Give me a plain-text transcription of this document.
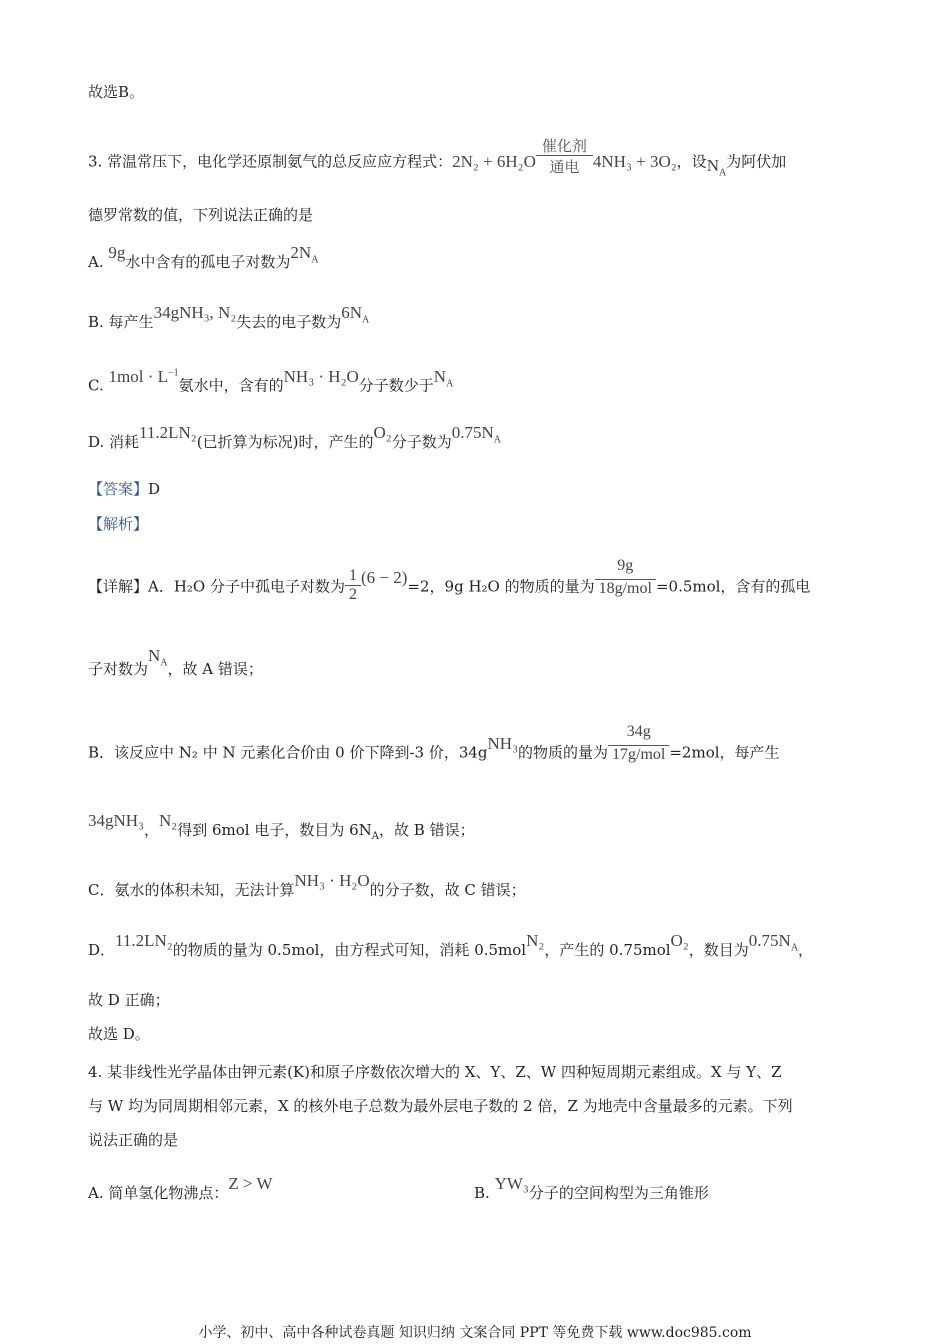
故选B。
3. 常温常压下，电化学还原制氨气的总反应应方程式：2N₂ + 6H₂O
催化剂
通电 4NH₃ + 3O₂，设$N_A$为阿伏加
德罗常数的值，下列说法正确的是
A. 9g水中含有的孤电子对数为$2N_A$
B. 每产生34gNH₃, N₂失去的电子数为$6N_A$
C. $1mol \cdot L^{-1}$氨水中，含有的NH₃ · H₂O分子数少于$N_A$
D. 消耗11.2LN₂(已折算为标况)时，产生的O₂分子数为$0.75N_A$
【答案】D
【解析】
【详解】A．H₂O 分子中孤电子对数为 $\frac{1}{2} (6 - 2)=2$，9g H₂O 的物质的量为 $\frac{9g}{\text{18g/mol}} =0.5mol$，含有的孤电
子对数为$N_A$，故 A 错误；
B．该反应中 N₂ 中 N 元素化合价由 0 价下降到-3 价，34gNH₃的物质的量为 $\frac{34g}{\text{17g/mol}} =2mol$，每产生
34gNH₃，N₂得到 6mol 电子，数目为 $6N_A$，故 B 错误；
C．氨水的体积未知，无法计算NH₃ · H₂O的分子数，故 C 错误；
D．11.2LN₂的物质的量为 0.5mol，由方程式可知，消耗 0.5molN₂，产生的 0.75molO₂，数目为$0.75N_A$，
故 D 正确；
故选 D。
4. 某非线性光学晶体由钾元素(K)和原子序数依次增大的 X、Y、Z、W 四种短周期元素组成。X 与 Y、Z
与 W 均为同周期相邻元素，X 的核外电子总数为最外层电子数的 2 倍，Z 为地壳中含量最多的元素。下列
说法正确的是
A. 简单氢化物沸点：Z > W	B. YW₃分子的空间构型为三角锥形
小学、初中、高中各种试卷真题 知识归纳 文案合同 PPT 等免费下载 www.doc985.com
